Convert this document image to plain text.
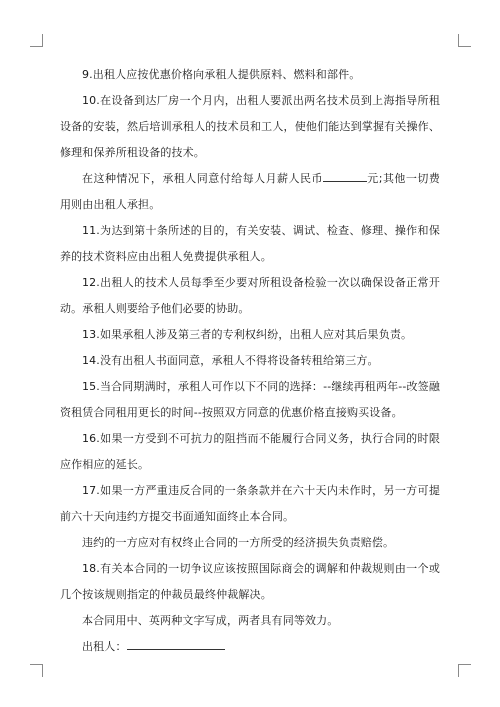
9.出租人应按优惠价格向承租人提供原料、燃料和部件。

10.在设备到达厂房一个月内，出租人要派出两名技术员到上海指导所租设备的安装，然后培训承租人的技术员和工人，使他们能达到掌握有关操作、修理和保养所租设备的技术。

在这种情况下，承租人同意付给每人月薪人民币	元;其他一切费用则由出租人承担。

11.为达到第十条所述的目的，有关安装、调试、检查、修理、操作和保养的技术资料应由出租人免费提供承租人。

12.出租人的技术人员每季至少要对所租设备检验一次以确保设备正常开动。承租人则要给予他们必要的协助。

13.如果承租人涉及第三者的专利权纠纷，出租人应对其后果负责。

14.没有出租人书面同意，承租人不得将设备转租给第三方。

15.当合同期满时，承租人可作以下不同的选择：--继续再租两年--改签融资租赁合同租用更长的时间--按照双方同意的优惠价格直接购买设备。

16.如果一方受到不可抗力的阻挡而不能履行合同义务，执行合同的时限应作相应的延长。

17.如果一方严重违反合同的一条条款并在六十天内未作时，另一方可提前六十天向违约方提交书面通知面终止本合同。

违约的一方应对有权终止合同的一方所受的经济损失负责赔偿。

18.有关本合同的一切争议应该按照国际商会的调解和仲裁规则由一个或几个按该规则指定的仲裁员最终仲裁解决。

本合同用中、英两种文字写成，两者具有同等效力。

出租人：
